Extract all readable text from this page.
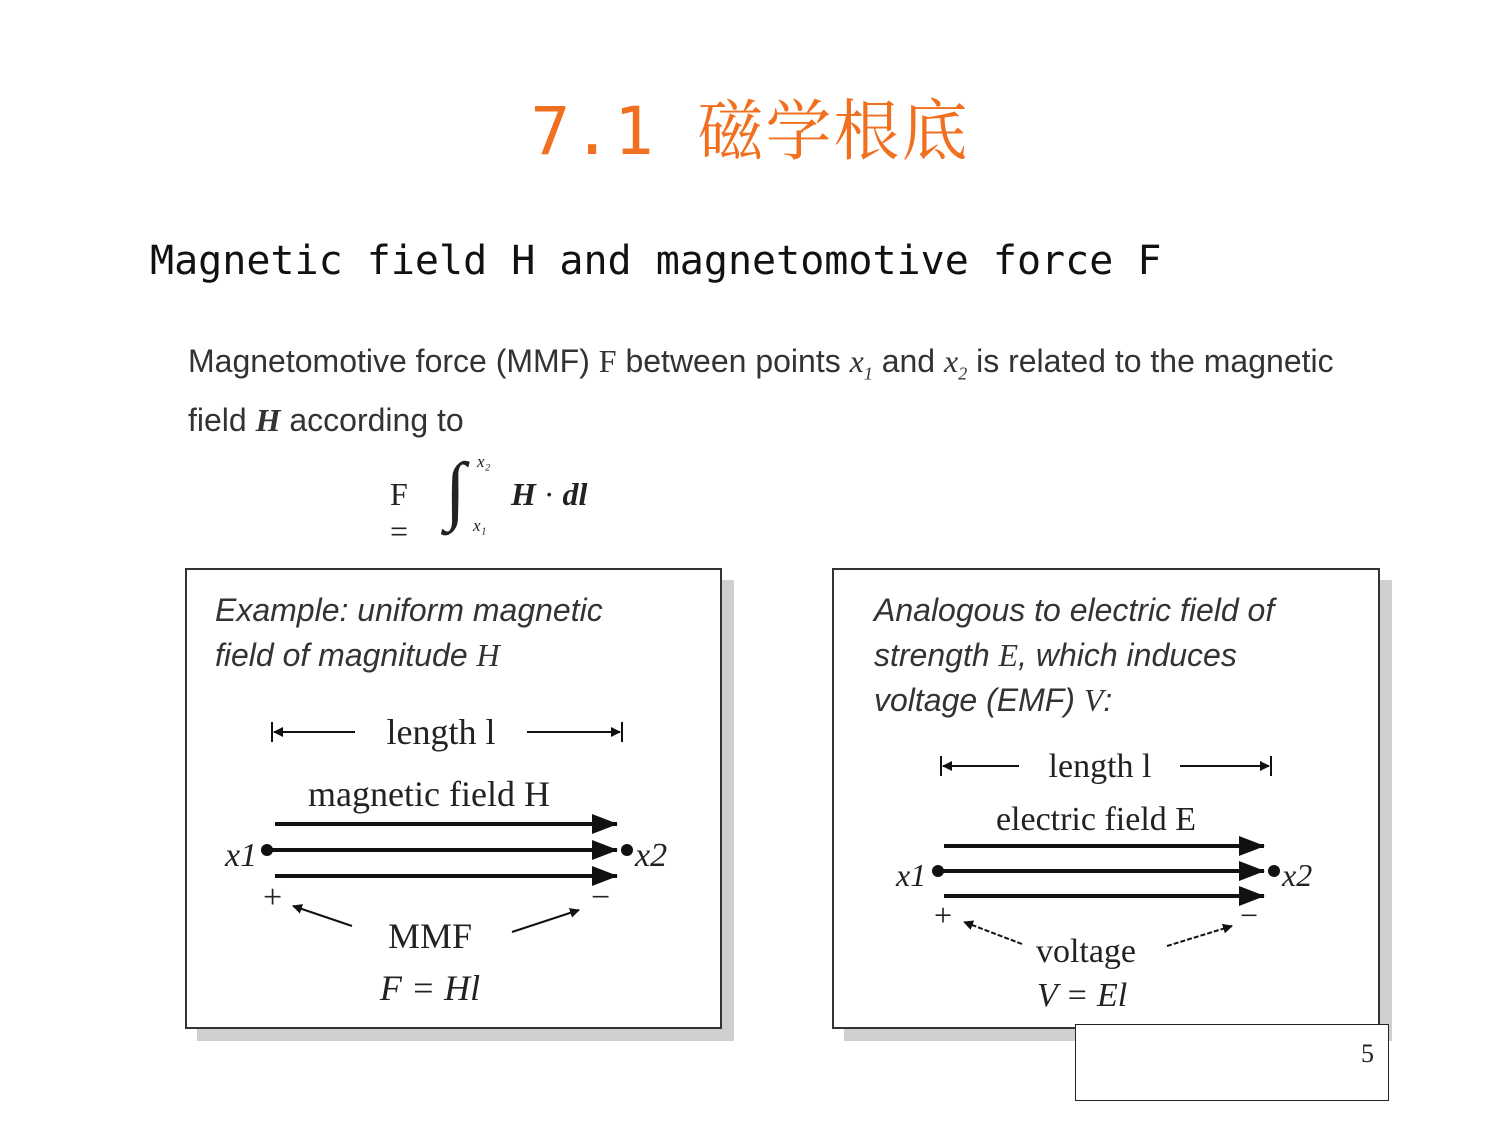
7.1 磁学根底
Magnetic field H and magnetomotive force F
Magnetomotive force (MMF) F between points $x_1$ and $x_2$ is related to the magnetic field H according to
F = ∫ x₂
x₁
H · dl
Example: uniform magnetic
field of magnitude H
length l
magnetic field H
x1	x2
+	−
MMF
F = Hl
Analogous to electric field of
strength E, which induces
voltage (EMF) V:
length l
electric field E
x1	x2
+	−
voltage
V = El
5
